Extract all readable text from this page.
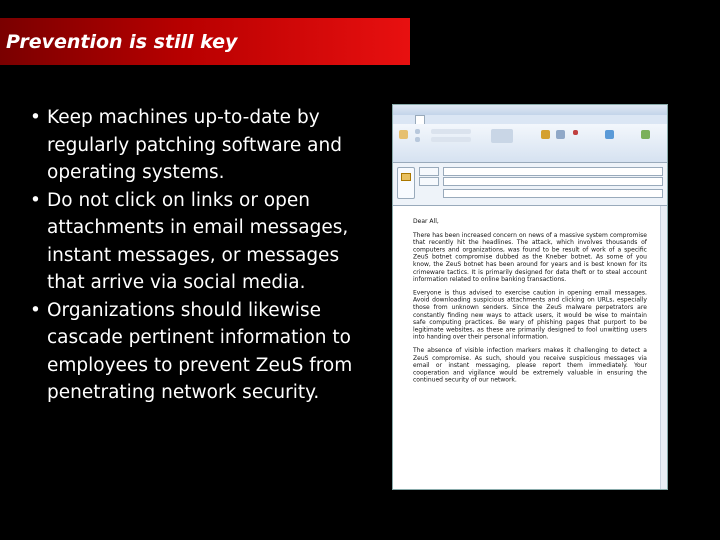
Prevention is still key
• Keep machines up-to-date by regularly patching software and operating systems.
• Do not click on links or open attachments in email messages, instant messages, or messages that arrive via social media.
• Organizations should likewise cascade pertinent information to employees to prevent ZeuS from penetrating network security.

Dear All,

There has been increased concern on news of a massive system compromise that recently hit the headlines. The attack, which involves thousands of computers and organizations, was found to be result of work of a specific ZeuS botnet compromise dubbed as the Kneber botnet. As some of you know, the ZeuS botnet has been around for years and is best known for its crimeware tactics. It is primarily designed for data theft or to steal account information related to online banking transactions.

Everyone is thus advised to exercise caution in opening email messages. Avoid downloading suspicious attachments and clicking on URLs, especially those from unknown senders. Since the ZeuS malware perpetrators are constantly finding new ways to attack users, it would be wise to maintain safe computing practices. Be wary of phishing pages that purport to be legitimate websites, as these are primarily designed to fool unwitting users into handing over their personal information.

The absence of visible infection markers makes it challenging to detect a ZeuS compromise. As such, should you receive suspicious messages via email or instant messaging, please report them immediately. Your cooperation and vigilance would be extremely valuable in ensuring the continued security of our network.
